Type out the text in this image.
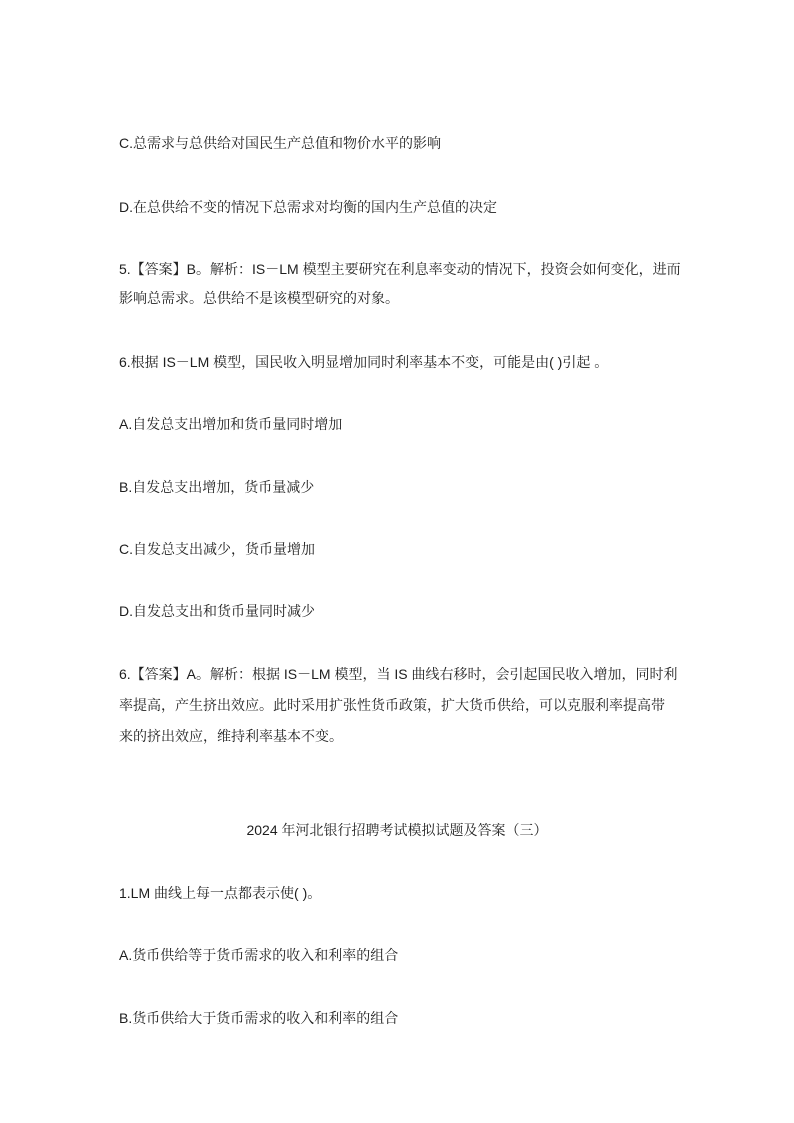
C.总需求与总供给对国民生产总值和物价水平的影响
D.在总供给不变的情况下总需求对均衡的国内生产总值的决定
5.【答案】B。解析：IS－LM 模型主要研究在利息率变动的情况下，投资会如何变化，进而
影响总需求。总供给不是该模型研究的对象。
6.根据 IS－LM 模型，国民收入明显增加同时利率基本不变，可能是由( )引起 。
A.自发总支出增加和货币量同时增加
B.自发总支出增加，货币量减少
C.自发总支出减少，货币量增加
D.自发总支出和货币量同时减少
6.【答案】A。解析：根据 IS－LM 模型，当 IS 曲线右移时，会引起国民收入增加，同时利
率提高，产生挤出效应。此时采用扩张性货币政策，扩大货币供给，可以克服利率提高带
来的挤出效应，维持利率基本不变。
2024 年河北银行招聘考试模拟试题及答案（三）
1.LM 曲线上每一点都表示使( )。
A.货币供给等于货币需求的收入和利率的组合
B.货币供给大于货币需求的收入和利率的组合
